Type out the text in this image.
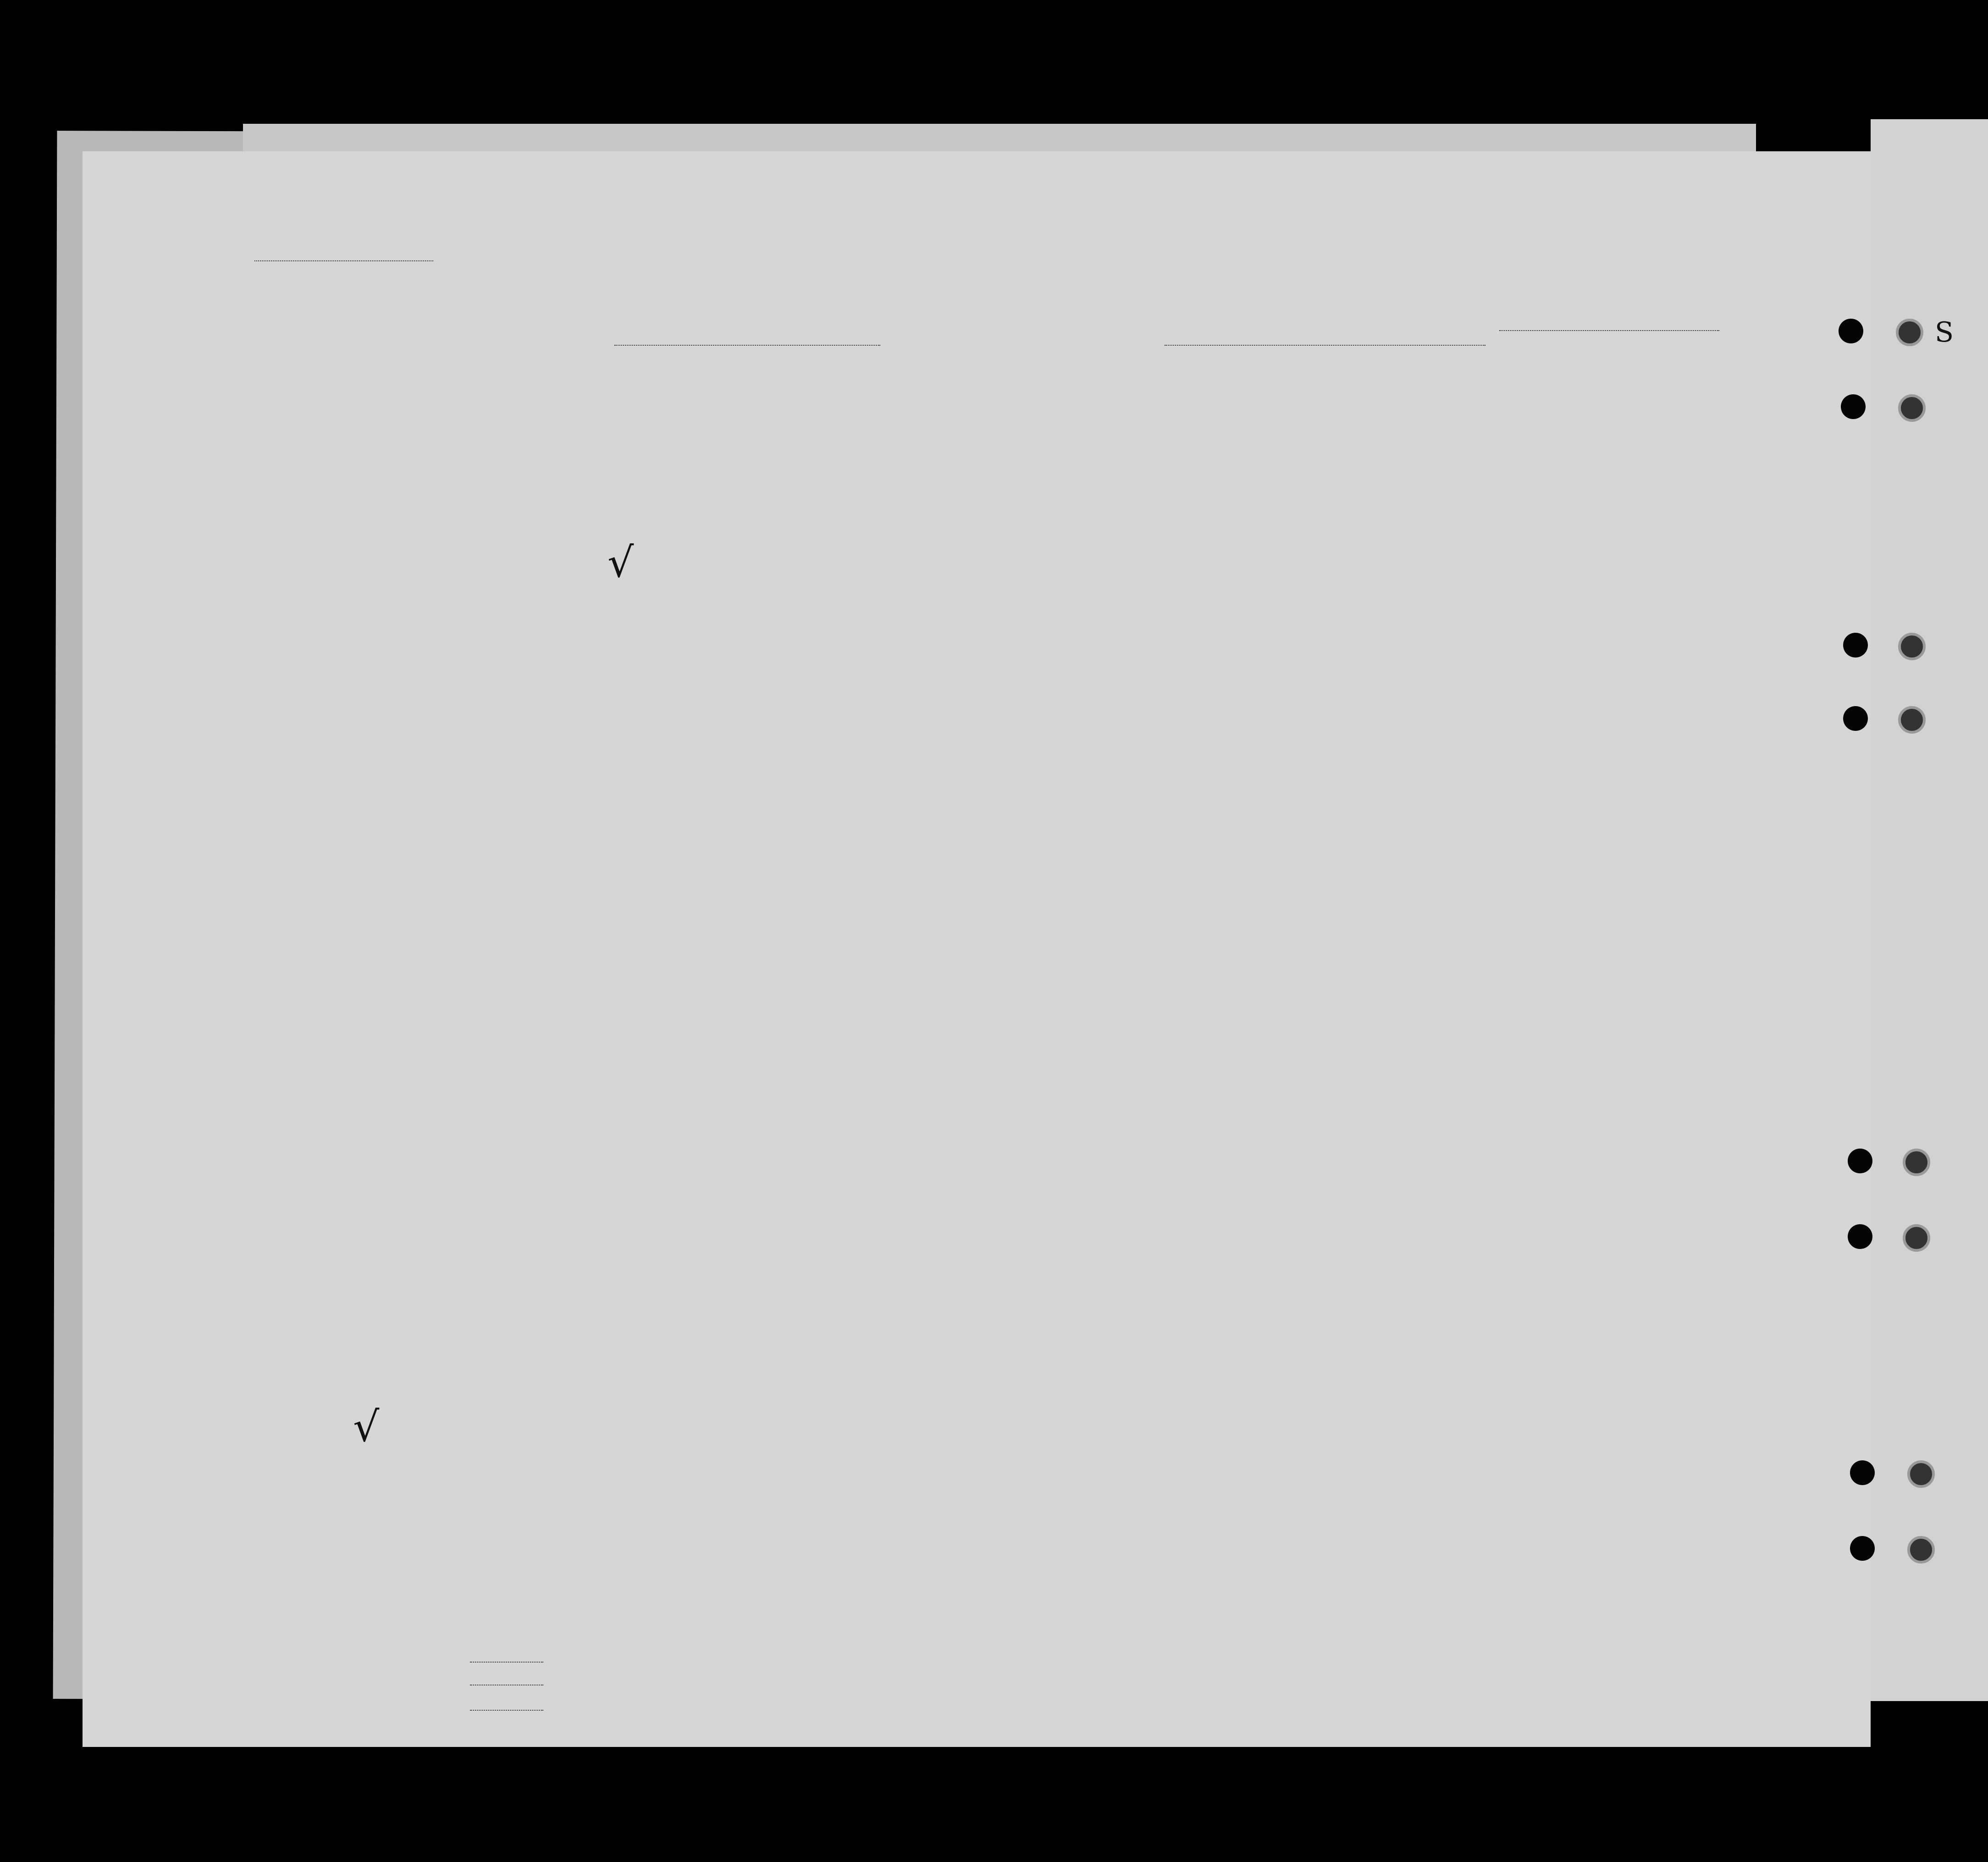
S
√
√
